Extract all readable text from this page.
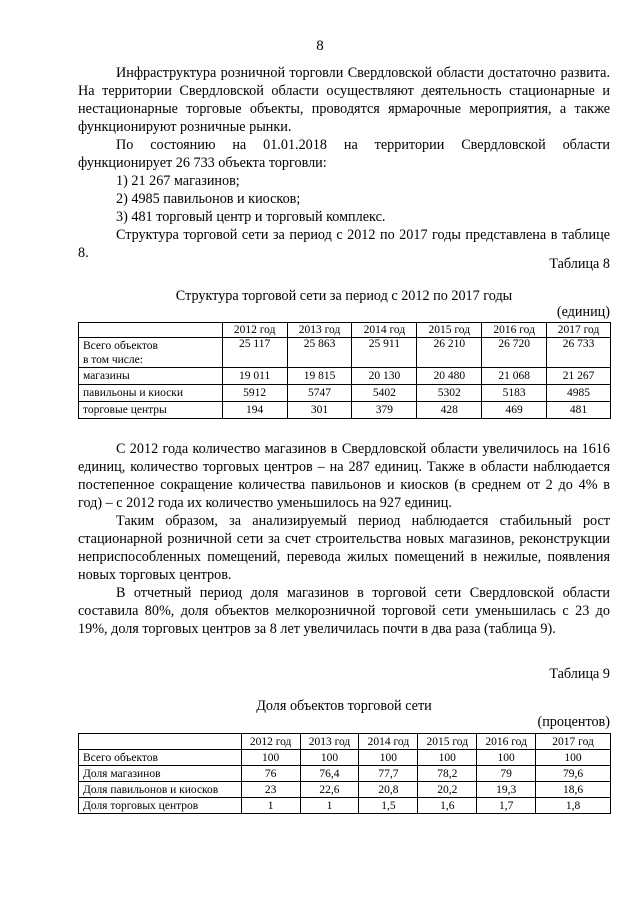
8

Инфраструктура розничной торговли Свердловской области достаточно развита. На территории Свердловской области осуществляют деятельность стационарные и нестационарные торговые объекты, проводятся ярмарочные мероприятия, а также функционируют розничные рынки.

По состоянию на 01.01.2018 на территории Свердловской области функционирует 26 733 объекта торговли:

1) 21 267 магазинов;

2) 4985 павильонов и киосков;

3) 481 торговый центр и торговый комплекс.

Структура торговой сети за период с 2012 по 2017 годы представлена в таблице 8.

Таблица 8
Структура торговой сети за период с 2012 по 2017 годы
(единиц)
	2012 год	2013 год	2014 год	2015 год	2016 год	2017 год
Всего объектов
в том числе:	25 117	25 863	25 911	26 210	26 720	26 733
магазины	19 011	19 815	20 130	20 480	21 068	21 267
павильоны и киоски	5912	5747	5402	5302	5183	4985
торговые центры	194	301	379	428	469	481

С 2012 года количество магазинов в Свердловской области увеличилось на 1616 единиц, количество торговых центров – на 287 единиц. Также в области наблюдается постепенное сокращение количества павильонов и киосков (в среднем от 2 до 4% в год) – с 2012 года их количество уменьшилось на 927 единиц.

Таким образом, за анализируемый период наблюдается стабильный рост стационарной розничной сети за счет строительства новых магазинов, реконструкции неприспособленных помещений, перевода жилых помещений в нежилые, появления новых торговых центров.

В отчетный период доля магазинов в торговой сети Свердловской области составила 80%, доля объектов мелкорозничной торговой сети уменьшилась с 23 до 19%, доля торговых центров за 8 лет увеличилась почти в два раза (таблица 9).

Таблица 9
Доля объектов торговой сети
(процентов)
	2012 год	2013 год	2014 год	2015 год	2016 год	2017 год
Всего объектов	100	100	100	100	100	100
Доля магазинов	76	76,4	77,7	78,2	79	79,6
Доля павильонов и киосков	23	22,6	20,8	20,2	19,3	18,6
Доля торговых центров	1	1	1,5	1,6	1,7	1,8
